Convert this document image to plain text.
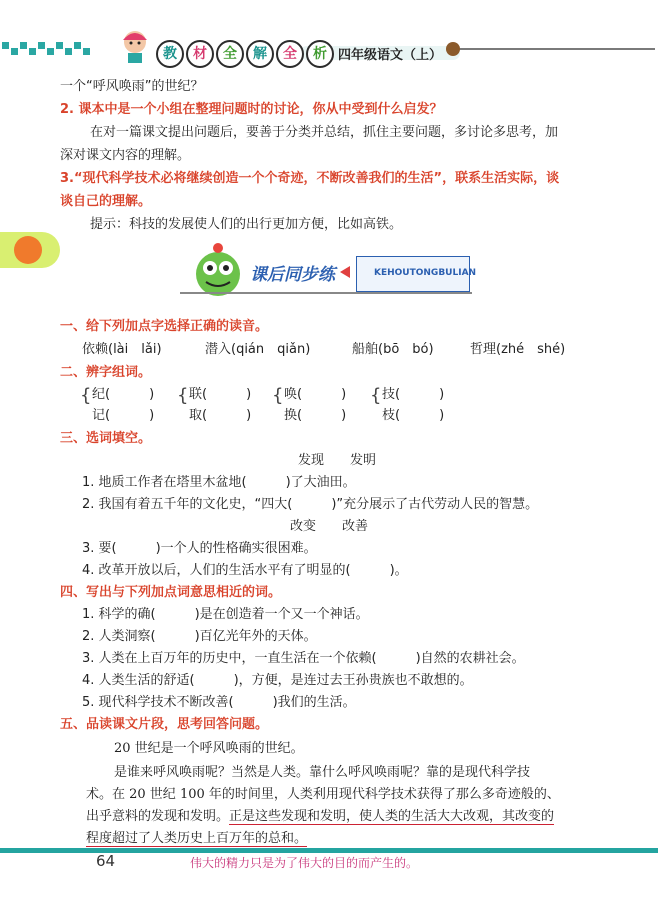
教	材	全	解	全	析 四年级语文（上）
一个“呼风唤雨”的世纪？
2. 课本中是一个小组在整理问题时的讨论，你从中受到什么启发？
在对一篇课文提出问题后，要善于分类并总结，抓住主要问题，多讨论多思考，加
深对课文内容的理解。
3.“现代科学技术必将继续创造一个个奇迹，不断改善我们的生活”，联系生活实际，谈
谈自己的理解。
提示：科技的发展使人们的出行更加方便，比如高铁。
课后同步练	KEHOUTONGBULIAN
一、给下列加点字选择正确的读音。
依赖(lài　lǎi)	潜入(qián　qiǎn)	船舶(bō　bó)	哲理(zhé　shé)
二、辨字组词。
{	{	{	{
纪(　　　)	联(　　　)	唤(　　　)	技(　　　)
记(　　　)	取(　　　)	换(　　　)	枝(　　　)
三、选词填空。
发现　　发明
1. 地质工作者在塔里木盆地(　　　)了大油田。
2. 我国有着五千年的文化史，“四大(　　　)”充分展示了古代劳动人民的智慧。
改变　　改善
3. 要(　　　)一个人的性格确实很困难。
4. 改革开放以后，人们的生活水平有了明显的(　　　)。
四、写出与下列加点词意思相近的词。
1. 科学的确(　　　)是在创造着一个又一个神话。
2. 人类洞察(　　　)百亿光年外的天体。
3. 人类在上百万年的历史中，一直生活在一个依赖(　　　)自然的农耕社会。
4. 人类生活的舒适(　　　)，方便，是连过去王孙贵族也不敢想的。
5. 现代科学技术不断改善(　　　)我们的生活。
五、品读课文片段，思考回答问题。
20 世纪是一个呼风唤雨的世纪。
是谁来呼风唤雨呢？当然是人类。靠什么呼风唤雨呢？靠的是现代科学技
术。在 20 世纪 100 年的时间里，人类利用现代科学技术获得了那么多奇迹般的、
出乎意料的发现和发明。正是这些发现和发明，使人类的生活大大改观，其改变的
程度超过了人类历史上百万年的总和。
64	伟大的精力只是为了伟大的目的而产生的。
